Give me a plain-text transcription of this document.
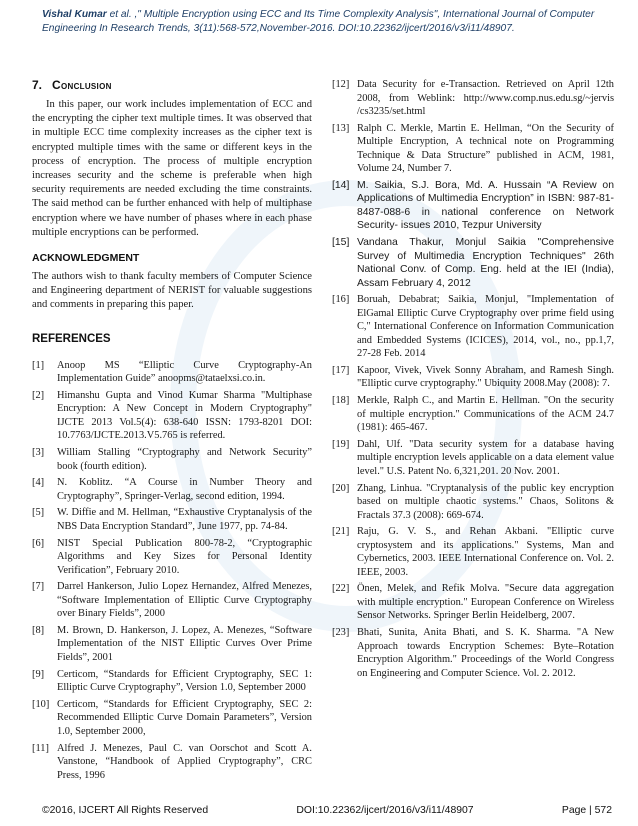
Vishal Kumar et al. ," Multiple Encryption using ECC and Its Time Complexity Analysis", International Journal of Computer Engineering In Research Trends, 3(11):568-572,November-2016. DOI:10.22362/ijcert/2016/v3/i11/48907.
7. Conclusion

In this paper, our work includes implementation of ECC and the encrypting the cipher text multiple times. It was observed that in multiple ECC time complexity increases as the cipher text is encrypted multiple times with the same or different keys in the process of encryption. The process of multiple encryption increases security and the scheme is preferable when high security requirements are needed excluding the time constraints. The said method can be further enhanced with help of multiphase encryption where we have number of phases where in each phase multiple encryptions can be performed.

ACKNOWLEDGMENT

The authors wish to thank faculty members of Computer Science and Engineering department of NERIST for valuable suggestions and comments in preparing this paper.

REFERENCES
[1]	Anoop MS “Elliptic Curve Cryptography-An Implementation Guide” anoopms@tataelxsi.co.in.
[2]	Himanshu Gupta and Vinod Kumar Sharma "Multiphase Encryption: A New Concept in Modern Cryptography" IJCTE 2013 Vol.5(4): 638-640 ISSN: 1793-8201 DOI: 10.7763/IJCTE.2013.V5.765 is referred.
[3]	William Stalling “Cryptography and Network Security” book (fourth edition).
[4]	N. Koblitz. “A Course in Number Theory and Cryptography”, Springer-Verlag, second edition, 1994.
[5]	W. Diffie and M. Hellman, “Exhaustive Cryptanalysis of the NBS Data Encryption Standard”, June 1977, pp. 74-84.
[6]	NIST Special Publication 800-78-2, “Cryptographic Algorithms and Key Sizes for Personal Identity Verification”, February 2010.
[7]	Darrel Hankerson, Julio Lopez Hernandez, Alfred Menezes, “Software Implementation of Elliptic Curve Cryptography over Binary Fields”, 2000
[8]	M. Brown, D. Hankerson, J. Lopez, A. Menezes, “Software Implementation of the NIST Elliptic Curves Over Prime Fields”, 2001
[9]	Certicom, “Standards for Efficient Cryptography, SEC 1: Elliptic Curve Cryptography”, Version 1.0, September 2000
[10] Certicom, “Standards for Efficient Cryptography, SEC 2: Recommended Elliptic Curve Domain Parameters”, Version 1.0, September 2000,
[11] Alfred J. Menezes, Paul C. van Oorschot and Scott A. Vanstone, “Handbook of Applied Cryptography”, CRC Press, 1996
[12] Data Security for e-Transaction. Retrieved on April 12th 2008, from Weblink: http://www.comp.nus.edu.sg/~jervis /cs3235/set.html
[13] Ralph C. Merkle, Martin E. Hellman, “On the Security of Multiple Encryption, A technical note on Programming Technique & Data Structure” published in ACM, 1981, Volume 24, Number 7.
[14] M. Saikia, S.J. Bora, Md. A. Hussain “A Review on Applications of Multimedia Encryption” in ISBN: 987-81-8487-088-6 in national conference on Network Security- issues 2010, Tezpur University
[15] Vandana Thakur, Monjul Saikia "Comprehensive Survey of Multimedia Encryption Techniques" 26th National Conv. of Comp. Eng. held at the IEI (India), Assam February 4, 2012
[16] Boruah, Debabrat; Saikia, Monjul, "Implementation of ElGamal Elliptic Curve Cryptography over prime field using C," International Conference on Information Communication and Embedded Systems (ICICES), 2014, vol., no., pp.1,7, 27-28 Feb. 2014
[17] Kapoor, Vivek, Vivek Sonny Abraham, and Ramesh Singh. "Elliptic curve cryptography." Ubiquity 2008.May (2008): 7.
[18] Merkle, Ralph C., and Martin E. Hellman. "On the security of multiple encryption." Communications of the ACM 24.7 (1981): 465-467.
[19] Dahl, Ulf. "Data security system for a database having multiple encryption levels applicable on a data element value level." U.S. Patent No. 6,321,201. 20 Nov. 2001.
[20] Zhang, Linhua. "Cryptanalysis of the public key encryption based on multiple chaotic systems." Chaos, Solitons & Fractals 37.3 (2008): 669-674.
[21] Raju, G. V. S., and Rehan Akbani. "Elliptic curve cryptosystem and its applications." Systems, Man and Cybernetics, 2003. IEEE International Conference on. Vol. 2. IEEE, 2003.
[22] Önen, Melek, and Refik Molva. "Secure data aggregation with multiple encryption." European Conference on Wireless Sensor Networks. Springer Berlin Heidelberg, 2007.
[23] Bhati, Sunita, Anita Bhati, and S. K. Sharma. "A New Approach towards Encryption Schemes: Byte–Rotation Encryption Algorithm." Proceedings of the World Congress on Engineering and Computer Science. Vol. 2. 2012.
©2016, IJCERT All Rights Reserved	DOI:10.22362/ijcert/2016/v3/i11/48907	Page | 572
